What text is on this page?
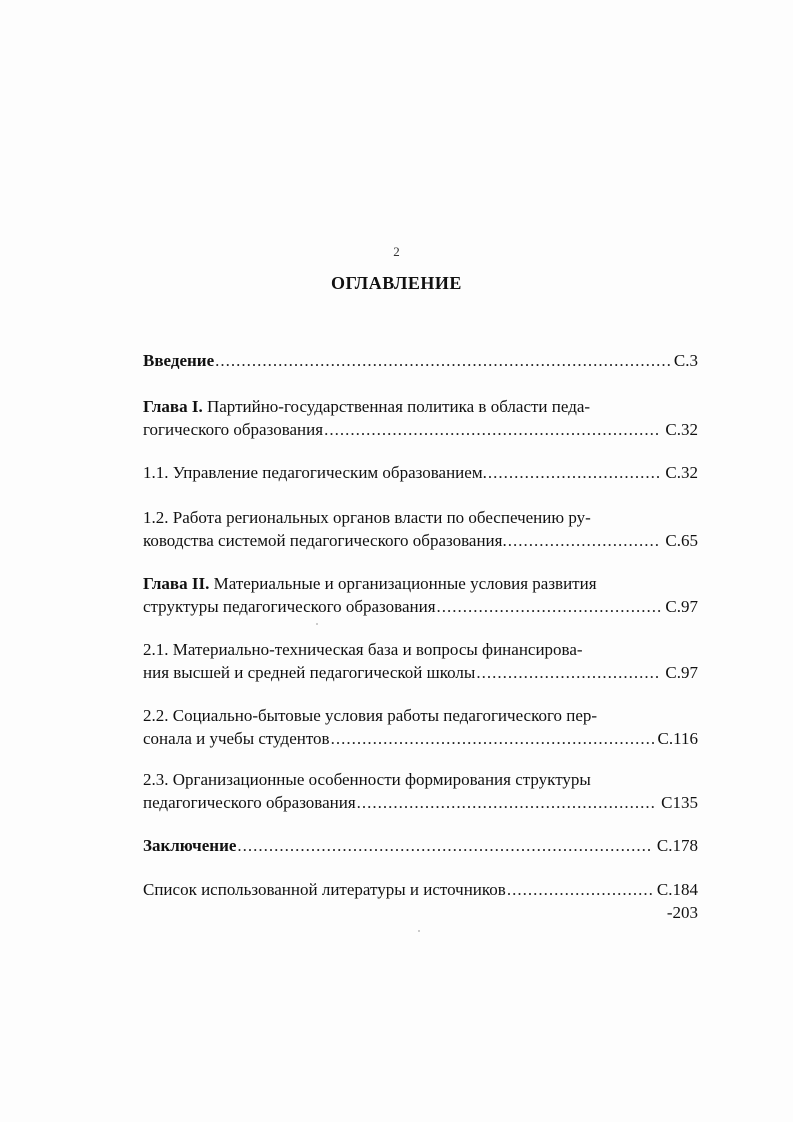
2
ОГЛАВЛЕНИЕ
Введение .....	С.3
Глава I. Партийно-государственная политика в области педа-
гогического образования .....	С.32
1.1. Управление педагогическим образованием. .....	С.32
1.2. Работа региональных органов власти по обеспечению ру-
ководства системой педагогического образования. .....	С.65
Глава II. Материальные и организационные условия развития
структуры педагогического образования .....	С.97
2.1. Материально-техническая база и вопросы финансирова-
ния высшей и средней педагогической школы .....	С.97
2.2. Социально-бытовые условия работы педагогического пер-
сонала и учебы студентов .....	С.116
2.3. Организационные особенности формирования структуры
педагогического образования .....	С135
Заключение .....	С.178
Список использованной литературы и источников .....	С.184
-203
